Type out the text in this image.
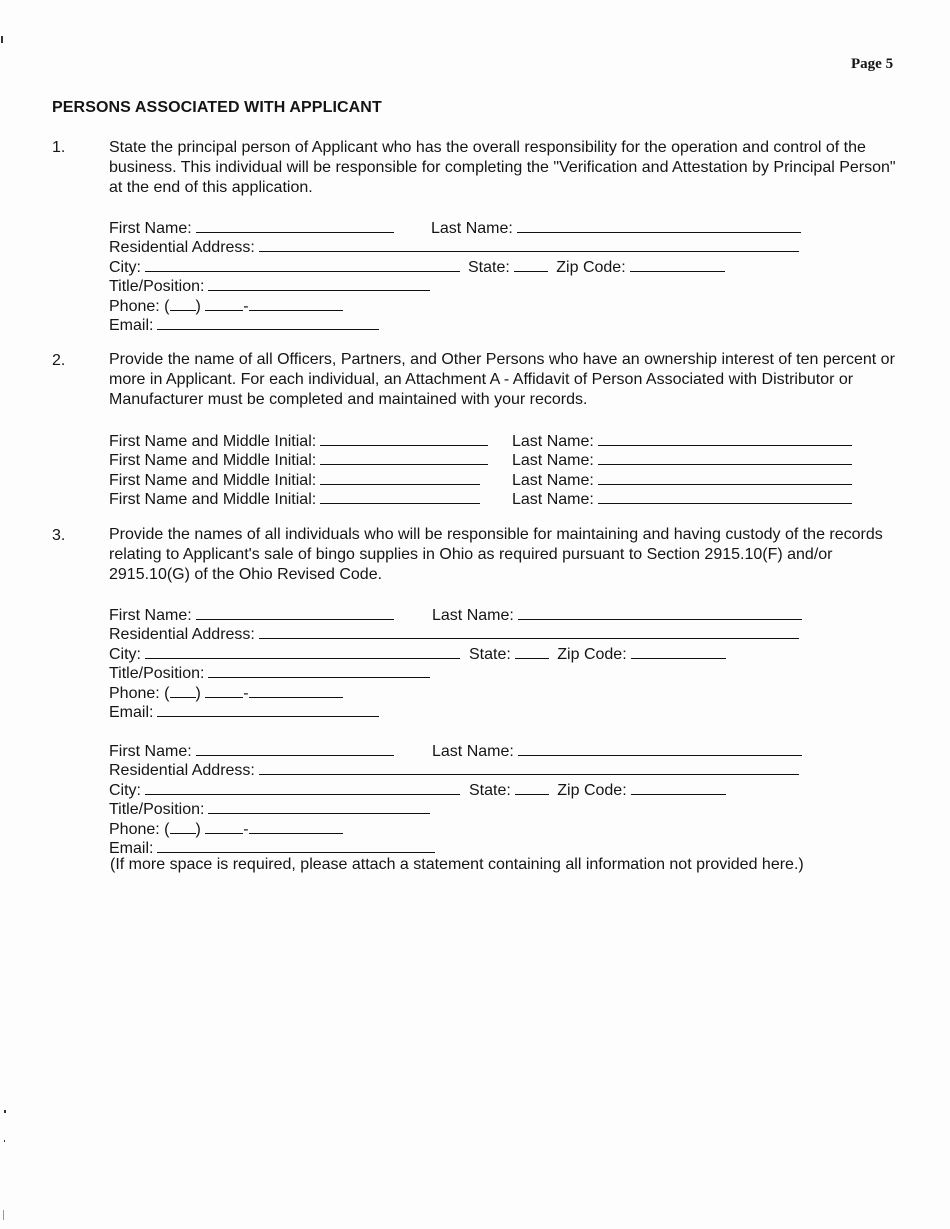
Page 5
PERSONS ASSOCIATED WITH APPLICANT
1.	State the principal person of Applicant who has the overall responsibility for the operation and control of the business. This individual will be responsible for completing the "Verification and Attestation by Principal Person" at the end of this application.
First Name:	Last Name:
Residential Address:
City:	State:	Zip Code:
Title/Position:
Phone: ( )	-
Email:
2.	Provide the name of all Officers, Partners, and Other Persons who have an ownership interest of ten percent or more in Applicant. For each individual, an Attachment A - Affidavit of Person Associated with Distributor or Manufacturer must be completed and maintained with your records.
First Name and Middle Initial:	Last Name:
First Name and Middle Initial:	Last Name:
First Name and Middle Initial:	Last Name:
First Name and Middle Initial:	Last Name:
3.	Provide the names of all individuals who will be responsible for maintaining and having custody of the records relating to Applicant's sale of bingo supplies in Ohio as required pursuant to Section 2915.10(F) and/or 2915.10(G) of the Ohio Revised Code.
First Name:	Last Name:
Residential Address:
City:	State:	Zip Code:
Title/Position:
Phone: ( )	-
Email:
First Name:	Last Name:
Residential Address:
City:	State:	Zip Code:
Title/Position:
Phone: ( )	-
Email:
(If more space is required, please attach a statement containing all information not provided here.)
